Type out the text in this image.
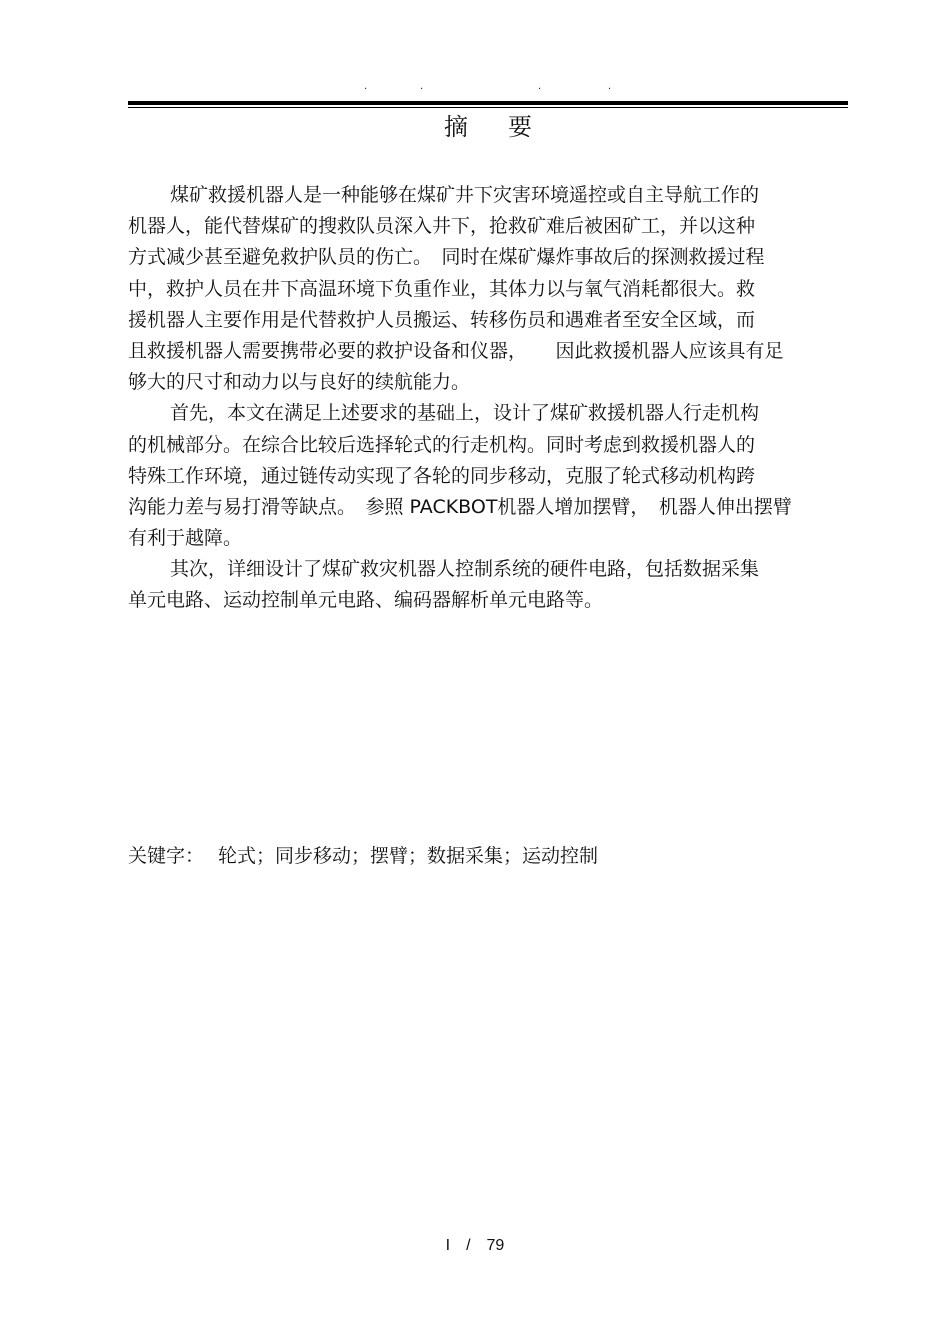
.	.	.	.
摘要
煤矿救援机器人是一种能够在煤矿井下灾害环境遥控或自主导航工作的
机器人，能代替煤矿的搜救队员深入井下，抢救矿难后被困矿工，并以这种
方式减少甚至避免救护队员的伤亡。　同时在煤矿爆炸事故后的探测救援过程
中，救护人员在井下高温环境下负重作业，其体力以与氧气消耗都很大。救
援机器人主要作用是代替救护人员搬运、转移伤员和遇难者至安全区域，而
且救援机器人需要携带必要的救护设备和仪器，　　因此救援机器人应该具有足
够大的尺寸和动力以与良好的续航能力。
首先，本文在满足上述要求的基础上，设计了煤矿救援机器人行走机构
的机械部分。在综合比较后选择轮式的行走机构。同时考虑到救援机器人的
特殊工作环境，通过链传动实现了各轮的同步移动，克服了轮式移动机构跨
沟能力差与易打滑等缺点。　参照 PACKBOT机器人增加摆臂，　机器人伸出摆臂
有利于越障。
其次，详细设计了煤矿救灾机器人控制系统的硬件电路，包括数据采集
单元电路、运动控制单元电路、编码器解析单元电路等。
关键字： 轮式；同步移动；摆臂；数据采集；运动控制
I　/　79
